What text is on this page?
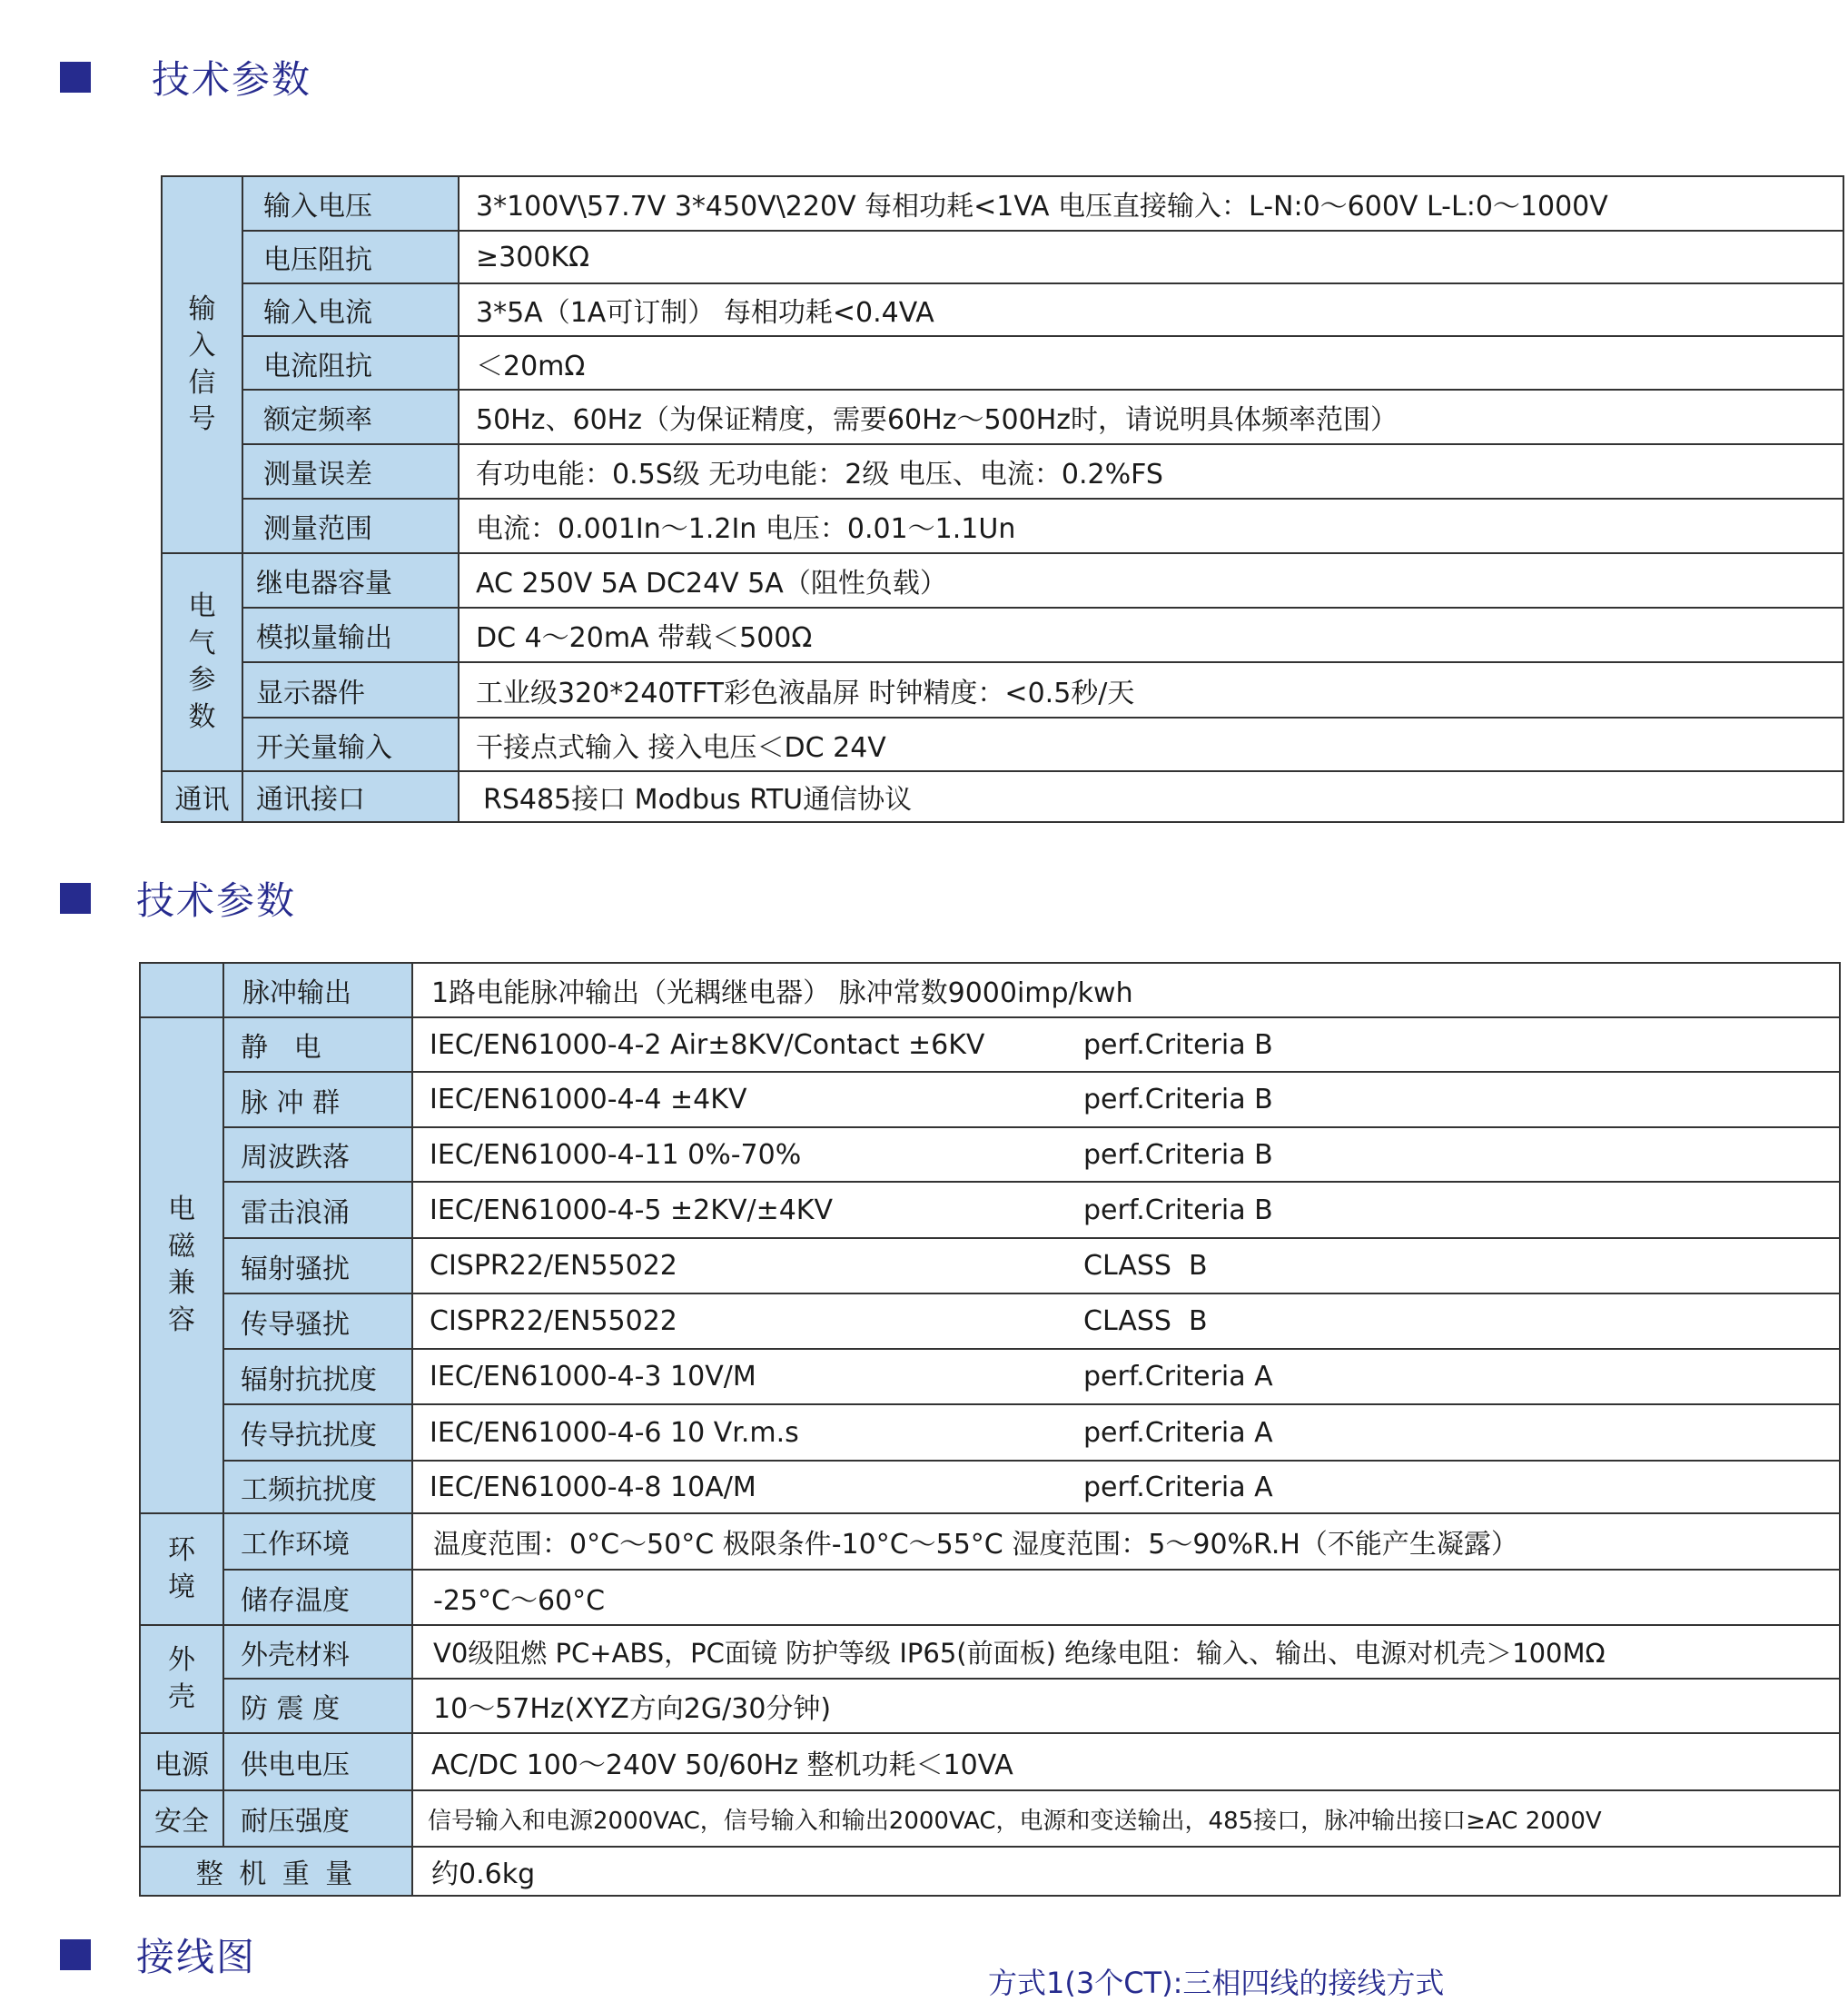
技术参数
输入信号	输入电压	3*100V\57.7V 3*450V\220V 每相功耗<1VA 电压直接输入：L-N:0～600V L-L:0～1000V
	电压阻抗	≥300KΩ
	输入电流	3*5A（1A可订制） 每相功耗<0.4VA
	电流阻抗	＜20mΩ
	额定频率	50Hz、60Hz（为保证精度，需要60Hz～500Hz时，请说明具体频率范围）
	测量误差	有功电能：0.5S级 无功电能：2级 电压、电流：0.2%FS
	测量范围	电流：0.001In～1.2In 电压：0.01～1.1Un
电气参数	继电器容量	AC 250V 5A DC24V 5A（阻性负载）
	模拟量输出	DC 4～20mA 带载＜500Ω
	显示器件	工业级320*240TFT彩色液晶屏 时钟精度：<0.5秒/天
	开关量输入	干接点式输入 接入电压＜DC 24V
通讯	通讯接口	RS485接口 Modbus RTU通信协议
技术参数
	脉冲输出	1路电能脉冲输出（光耦继电器） 脉冲常数9000imp/kwh
电磁兼容	静   电	IEC/EN61000-4-2 Air±8KV/Contact ±6KV perf.Criteria B

	脉 冲 群	IEC/EN61000-4-4 ±4KV perf.Criteria B

	周波跌落	IEC/EN61000-4-11 0%-70% perf.Criteria B

	雷击浪涌	IEC/EN61000-4-5 ±2KV/±4KV perf.Criteria B

	辐射骚扰	CISPR22/EN55022 CLASS  B

	传导骚扰	CISPR22/EN55022 CLASS  B

	辐射抗扰度	IEC/EN61000-4-3 10V/M perf.Criteria A

	传导抗扰度	IEC/EN61000-4-6 10 Vr.m.s perf.Criteria A

	工频抗扰度	IEC/EN61000-4-8 10A/M perf.Criteria A

环境	工作环境	温度范围：0°C～50°C 极限条件-10°C～55°C 湿度范围：5～90%R.H（不能产生凝露）
	储存温度	-25°C～60°C
外壳	外壳材料	V0级阻燃 PC+ABS，PC面镜 防护等级 IP65(前面板) 绝缘电阻：输入、输出、电源对机壳＞100MΩ
	防 震 度	10～57Hz(XYZ方向2G/30分钟)
电源	供电电压	AC/DC 100～240V 50/60Hz 整机功耗＜10VA
安全	耐压强度	信号输入和电源2000VAC，信号输入和输出2000VAC，电源和变送输出，485接口，脉冲输出接口≥AC 2000V
整 机 重 量		约0.6kg
接线图
方式1(3个CT):三相四线的接线方式
